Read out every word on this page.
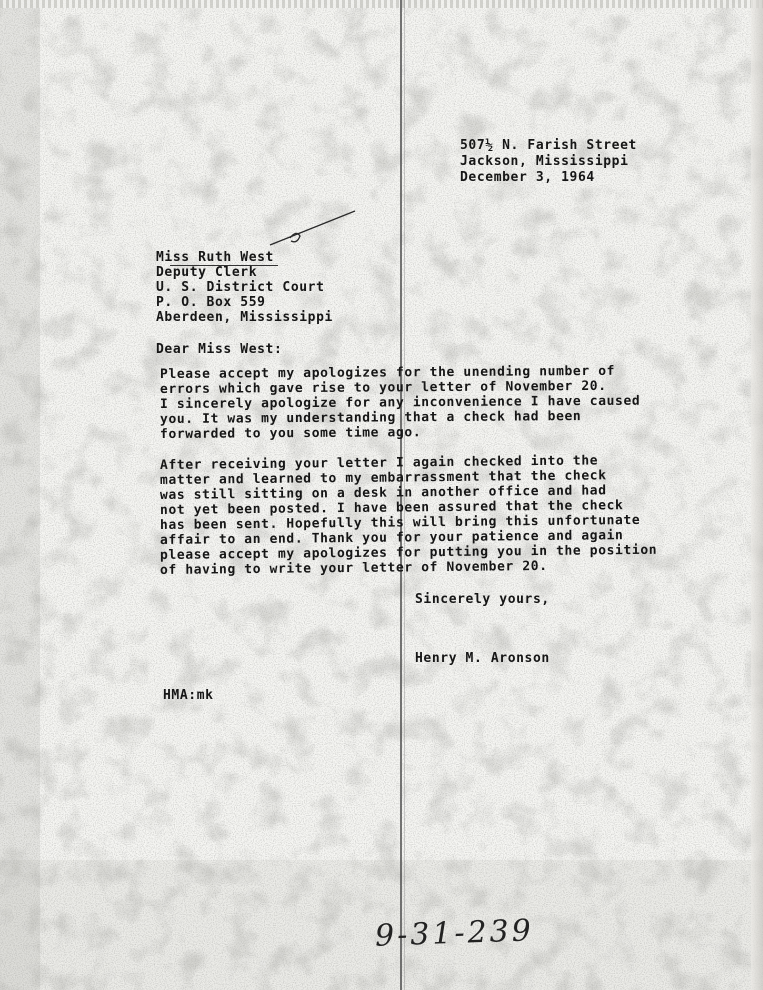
507½ N. Farish Street
Jackson, Mississippi
December 3, 1964
Miss Ruth West
Deputy Clerk
U. S. District Court
P. O. Box 559
Aberdeen, Mississippi
Dear Miss West:
Please accept my apologizes for the unending number of
errors which gave rise to your letter of November 20.
I sincerely apologize for any inconvenience I have caused
you. It was my understanding that a check had been
forwarded to you some time ago.
After receiving your letter I again checked into the
matter and learned to my embarrassment that the check
was still sitting on a desk in another office and had
not yet been posted. I have been assured that the check
has been sent. Hopefully this will bring this unfortunate
affair to an end. Thank you for your patience and again
please accept my apologizes for putting you in the position
of having to write your letter of November 20.
Sincerely yours,
Henry M. Aronson
HMA:mk
9-31-239
